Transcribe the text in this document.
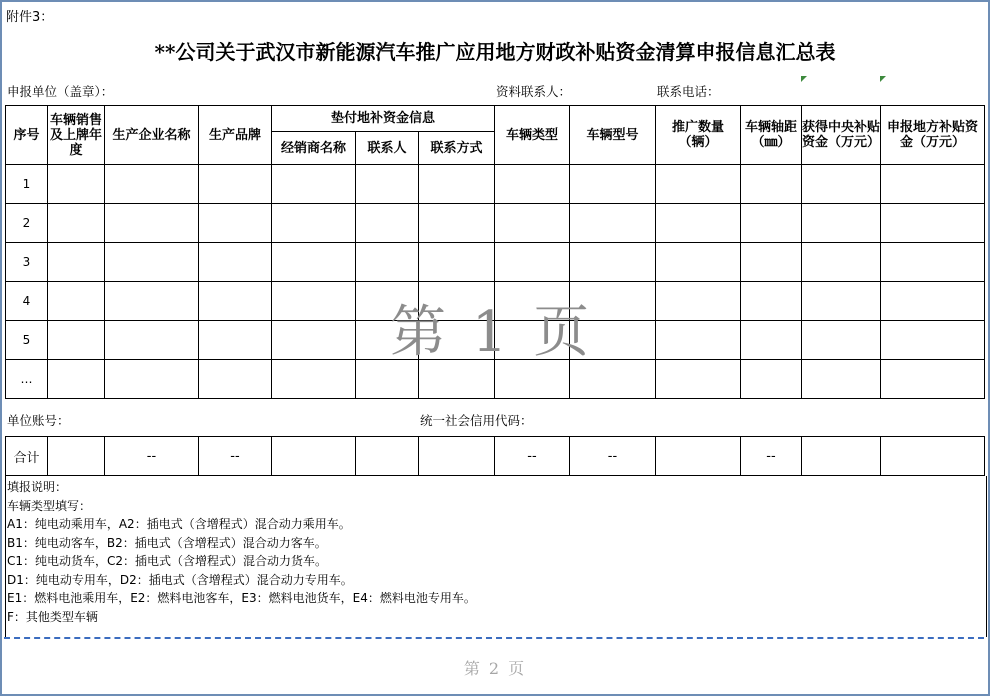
附件3：
**公司关于武汉市新能源汽车推广应用地方财政补贴资金清算申报信息汇总表
申报单位（盖章）：	资料联系人：	联系电话：
序号	车辆销售及上牌年度	生产企业名称	生产品牌	垫付地补资金信息			车辆类型	车辆型号	推广数量（辆）	车辆轴距（㎜）	获得中央补贴资金（万元）	申报地方补贴资金（万元）
				经销商名称	联系人	联系方式						
1												
2												
3												
4												
5												
…												

合计		--	--				--	--		--		
单位账号：	统一社会信用代码：
填报说明：
车辆类型填写：
A1：纯电动乘用车，A2：插电式（含增程式）混合动力乘用车。
B1：纯电动客车，B2：插电式（含增程式）混合动力客车。
C1：纯电动货车，C2：插电式（含增程式）混合动力货车。
D1：纯电动专用车，D2：插电式（含增程式）混合动力专用车。
E1：燃料电池乘用车，E2：燃料电池客车，E3：燃料电池货车，E4：燃料电池专用车。
F：其他类型车辆
第 1 页
第 2 页
